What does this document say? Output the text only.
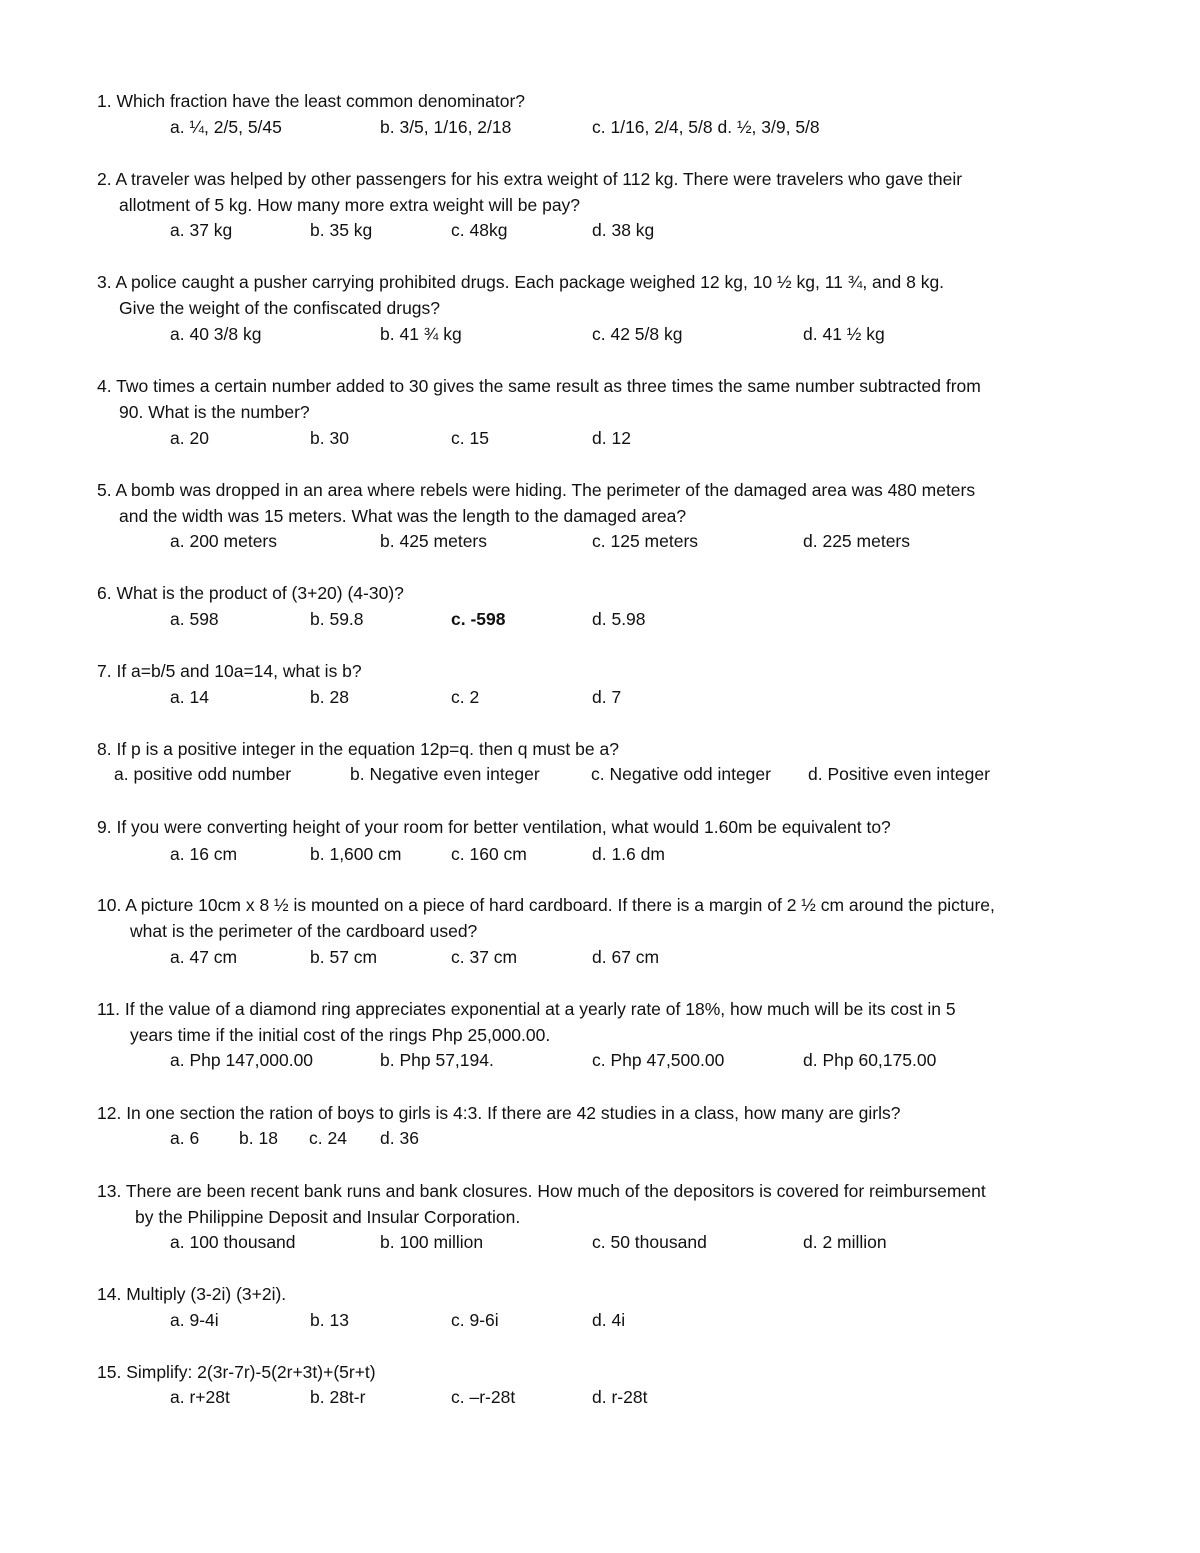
1. Which fraction have the least common denominator?
a. ¼, 2/5, 5/45	b. 3/5, 1/16, 2/18	c. 1/16, 2/4, 5/8 d. ½, 3/9, 5/8
2. A traveler was helped by other passengers for his extra weight of 112 kg. There were travelers who gave their
allotment of 5 kg. How many more extra weight will be pay?
a. 37 kg	b. 35 kg	c. 48kg	d. 38 kg
3. A police caught a pusher carrying prohibited drugs. Each package weighed 12 kg, 10 ½ kg, 11 ¾, and 8 kg.
Give the weight of the confiscated drugs?
a. 40 3/8 kg	b. 41 ¾ kg	c. 42 5/8 kg	d. 41 ½ kg
4. Two times a certain number added to 30 gives the same result as three times the same number subtracted from
90. What is the number?
a. 20	b. 30	c. 15	d. 12
5. A bomb was dropped in an area where rebels were hiding. The perimeter of the damaged area was 480 meters
and the width was 15 meters. What was the length to the damaged area?
a. 200 meters	b. 425 meters	c. 125 meters	d. 225 meters
6. What is the product of (3+20) (4-30)?
a. 598	b. 59.8	c. -598	d. 5.98
7. If a=b/5 and 10a=14, what is b?
a. 14	b. 28	c. 2	d. 7
8. If p is a positive integer in the equation 12p=q. then q must be a?
a. positive odd number	b. Negative even integer	c. Negative odd integer d. Positive even integer
9. If you were converting height of your room for better ventilation, what would 1.60m be equivalent to?
a. 16 cm	b. 1,600 cm	c. 160 cm	d. 1.6 dm
10. A picture 10cm x 8 ½ is mounted on a piece of hard cardboard. If there is a margin of 2 ½ cm around the picture,
what is the perimeter of the cardboard used?
a. 47 cm	b. 57 cm	c. 37 cm	d. 67 cm
11. If the value of a diamond ring appreciates exponential at a yearly rate of 18%, how much will be its cost in 5
years time if the initial cost of the rings Php 25,000.00.
a. Php 147,000.00	b. Php 57,194.	c. Php 47,500.00	d. Php 60,175.00
12. In one section the ration of boys to girls is 4:3. If there are 42 studies in a class, how many are girls?
a. 6 b. 18 c. 24 d. 36
13. There are been recent bank runs and bank closures. How much of the depositors is covered for reimbursement
by the Philippine Deposit and Insular Corporation.
a. 100 thousand	b. 100 million	c. 50 thousand	d. 2 million
14. Multiply (3-2i) (3+2i).
a. 9-4i	b. 13	c. 9-6i	d. 4i
15. Simplify: 2(3r-7r)-5(2r+3t)+(5r+t)
a. r+28t	b. 28t-r	c. –r-28t	d. r-28t
